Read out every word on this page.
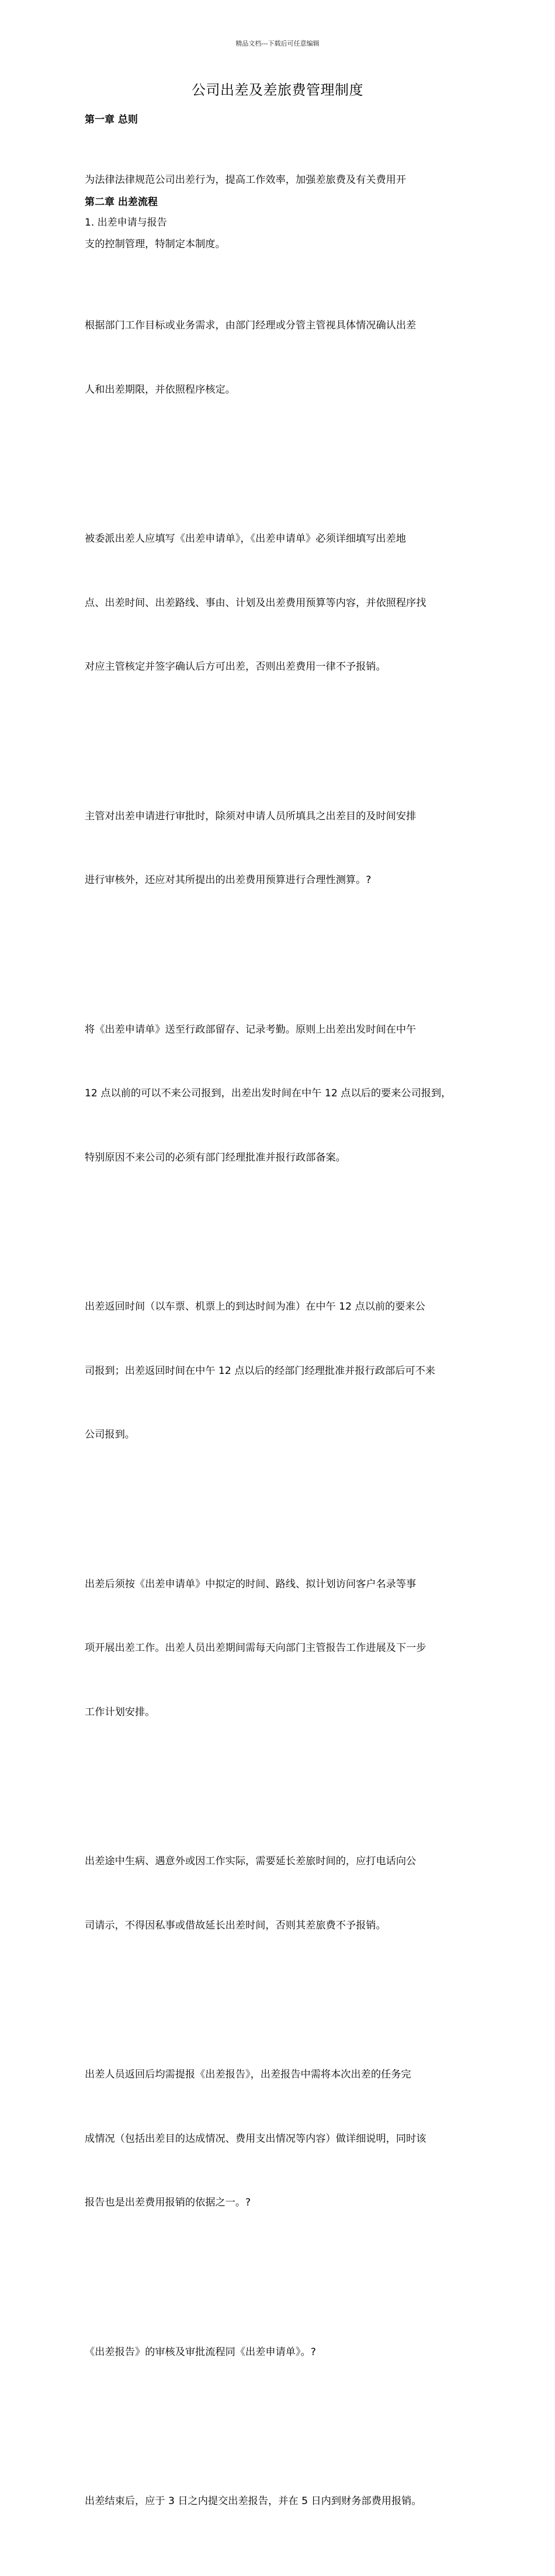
精品文档---下载后可任意编辑
公司出差及差旅费管理制度
第一章 总则

为法律法律规范公司出差行为，提高工作效率，加强差旅费及有关费用开

支的控制管理，特制定本制度。

第二章 出差流程
1. 出差申请与报告

根据部门工作目标或业务需求，由部门经理或分管主管视具体情况确认出差

人和出差期限，并依照程序核定。

被委派出差人应填写《出差申请单》，《出差申请单》必须详细填写出差地

点、出差时间、出差路线、事由、计划及出差费用预算等内容，并依照程序找

对应主管核定并签字确认后方可出差，否则出差费用一律不予报销。

主管对出差申请进行审批时，除须对申请人员所填具之出差目的及时间安排

进行审核外，还应对其所提出的出差费用预算进行合理性测算。?

将《出差申请单》送至行政部留存、记录考勤。原则上出差出发时间在中午

12 点以前的可以不来公司报到，出差出发时间在中午 12 点以后的要来公司报到，

特别原因不来公司的必须有部门经理批准并报行政部备案。

出差返回时间（以车票、机票上的到达时间为准）在中午 12 点以前的要来公

司报到；出差返回时间在中午 12 点以后的经部门经理批准并报行政部后可不来

公司报到。

出差后须按《出差申请单》中拟定的时间、路线、拟计划访问客户名录等事

项开展出差工作。出差人员出差期间需每天向部门主管报告工作进展及下一步

工作计划安排。

出差途中生病、遇意外或因工作实际，需要延长差旅时间的，应打电话向公

司请示，不得因私事或借故延长出差时间，否则其差旅费不予报销。

出差人员返回后均需提报《出差报告》，出差报告中需将本次出差的任务完

成情况（包括出差目的达成情况、费用支出情况等内容）做详细说明，同时该

报告也是出差费用报销的依据之一。?

《出差报告》的审核及审批流程同《出差申请单》。?

出差结束后，应于 3 日之内提交出差报告，并在 5 日内到财务部费用报销。
